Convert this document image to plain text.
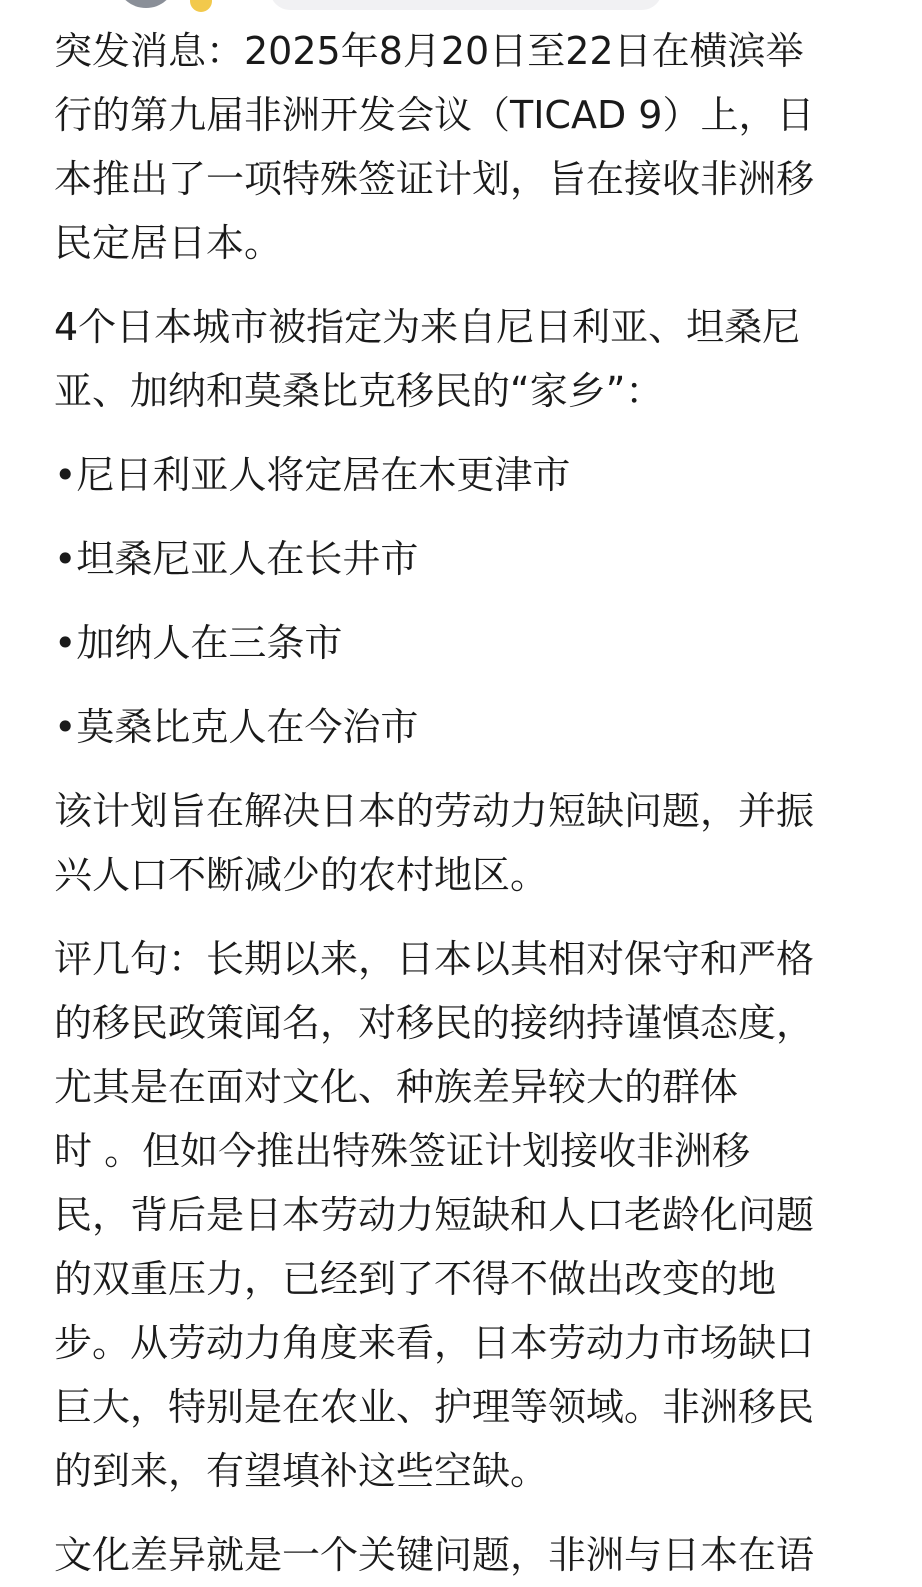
突发消息：2025年8月20日至22日在横滨举
行的第九届非洲开发会议（TICAD 9）上，日
本推出了一项特殊签证计划，旨在接收非洲移
民定居日本。

4个日本城市被指定为来自尼日利亚、坦桑尼
亚、加纳和莫桑比克移民的“家乡”：

•尼日利亚人将定居在木更津市

•坦桑尼亚人在长井市

•加纳人在三条市

•莫桑比克人在今治市

该计划旨在解决日本的劳动力短缺问题，并振
兴人口不断减少的农村地区。

评几句：长期以来，日本以其相对保守和严格
的移民政策闻名，对移民的接纳持谨慎态度，
尤其是在面对文化、种族差异较大的群体
时 。但如今推出特殊签证计划接收非洲移
民，背后是日本劳动力短缺和人口老龄化问题
的双重压力，已经到了不得不做出改变的地
步。从劳动力角度来看，日本劳动力市场缺口
巨大，特别是在农业、护理等领域。非洲移民
的到来，有望填补这些空缺。

文化差异就是一个关键问题，非洲与日本在语
